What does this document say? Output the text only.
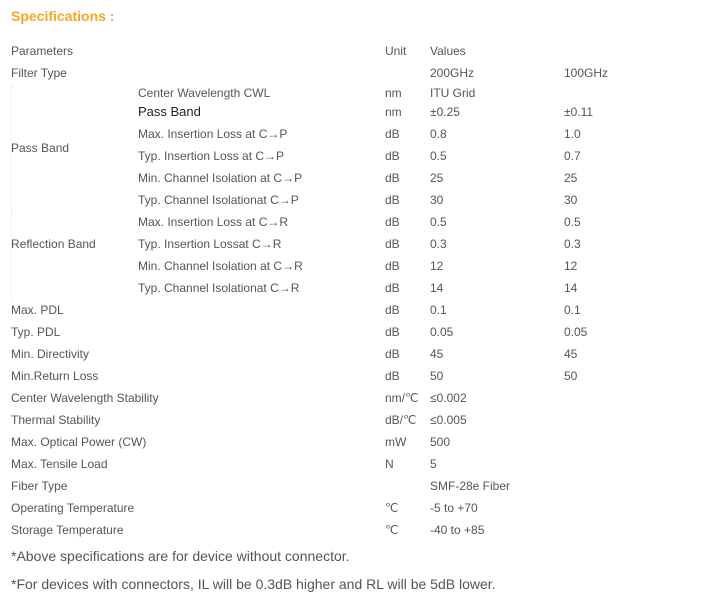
Specifications :
Parameters	Unit Values
Filter Type	200GHz	100GHz
Pass Band
Center Wavelength CWL	nm ITU Grid
Pass Band	nm ±0.25	±0.11
Max. Insertion Loss at C→P	dB	0.8	1.0
Typ. Insertion Loss at C→P	dB	0.5	0.7
Min. Channel Isolation at C→P	dB	25	25
Typ. Channel Isolationat C→P	dB	30	30
Reflection Band
Max. Insertion Loss at C→R	dB	0.5	0.5
Typ. Insertion Lossat C→R	dB	0.3	0.3
Min. Channel Isolation at C→R	dB	12	12
Typ. Channel Isolationat C→R	dB	14	14
Max. PDL	dB	0.1	0.1
Typ. PDL	dB	0.05	0.05
Min. Directivity	dB	45	45
Min.Return Loss	dB	50	50
Center Wavelength Stability	nm/℃ ≤0.002
Thermal Stability	dB/℃ ≤0.005
Max. Optical Power (CW)	mW 500
Max. Tensile Load	N	5
Fiber Type	SMF-28e Fiber
Operating Temperature	℃	-5 to +70
Storage Temperature	℃	-40 to +85
*Above specifications are for device without connector.
*For devices with connectors, IL will be 0.3dB higher and RL will be 5dB lower.
